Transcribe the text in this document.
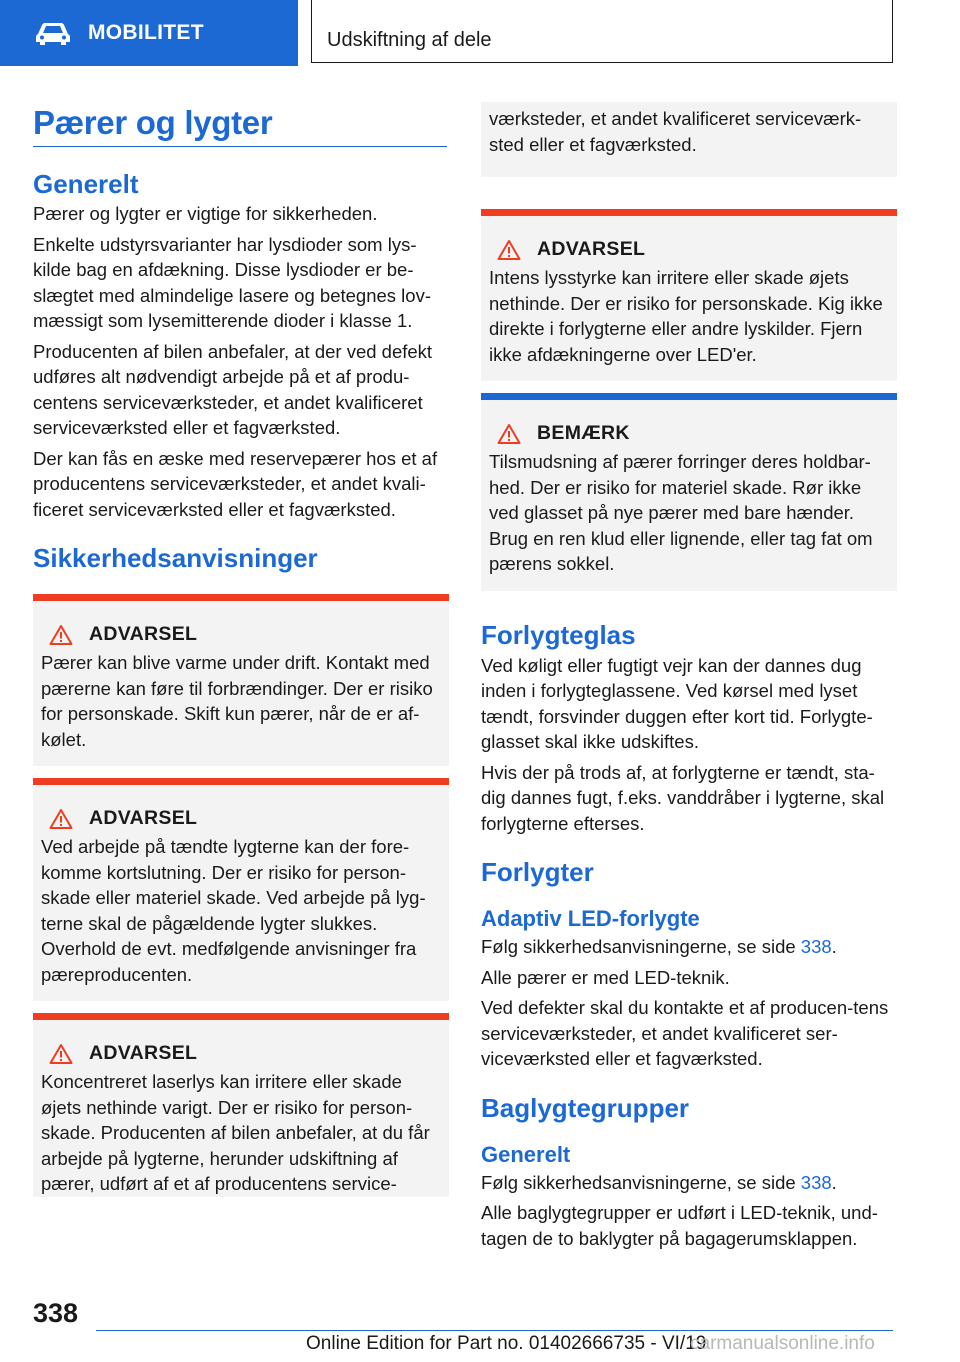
MOBILITET	Udskiftning af dele
Pærer og lygter
Generelt

Pærer og lygter er vigtige for sikkerheden.

Enkelte udstyrsvarianter har lysdioder som lys-kilde bag en afdækning. Disse lysdioder er be-slægtet med almindelige lasere og betegnes lov-mæssigt som lysemitterende dioder i klasse 1.

Producenten af bilen anbefaler, at der ved defekt udføres alt nødvendigt arbejde på et af produ-centens serviceværksteder, et andet kvalificeret serviceværksted eller et fagværksted.

Der kan fås en æske med reservepærer hos et af producentens serviceværksteder, et andet kvali-ficeret serviceværksted eller et fagværksted.

Sikkerhedsanvisninger
ADVARSEL

Pærer kan blive varme under drift. Kontakt med pærerne kan føre til forbrændinger. Der er risiko for personskade. Skift kun pærer, når de er af-kølet.

ADVARSEL

Ved arbejde på tændte lygterne kan der fore-komme kortslutning. Der er risiko for person-skade eller materiel skade. Ved arbejde på lyg-terne skal de pågældende lygter slukkes. Overhold de evt. medfølgende anvisninger fra pæreproducenten.

ADVARSEL

Koncentreret laserlys kan irritere eller skade øjets nethinde varigt. Der er risiko for person-skade. Producenten af bilen anbefaler, at du får arbejde på lygterne, herunder udskiftning af pærer, udført af et af producentens service-

værksteder, et andet kvalificeret serviceværk-sted eller et fagværksted.

ADVARSEL

Intens lysstyrke kan irritere eller skade øjets nethinde. Der er risiko for personskade. Kig ikke direkte i forlygterne eller andre lyskilder. Fjern ikke afdækningerne over LED'er.

BEMÆRK

Tilsmudsning af pærer forringer deres holdbar-hed. Der er risiko for materiel skade. Rør ikke ved glasset på nye pærer med bare hænder. Brug en ren klud eller lignende, eller tag fat om pærens sokkel.

Forlygteglas

Ved køligt eller fugtigt vejr kan der dannes dug inden i forlygteglassene. Ved kørsel med lyset tændt, forsvinder duggen efter kort tid. Forlygte-glasset skal ikke udskiftes.

Hvis der på trods af, at forlygterne er tændt, sta-dig dannes fugt, f.eks. vanddråber i lygterne, skal forlygterne efterses.

Forlygter
Adaptiv LED-forlygte

Følg sikkerhedsanvisningerne, se side 338.

Alle pærer er med LED-teknik.

Ved defekter skal du kontakte et af producen-tens serviceværksteder, et andet kvalificeret ser-viceværksted eller et fagværksted.

Baglygtegrupper
Generelt

Følg sikkerhedsanvisningerne, se side 338.

Alle baglygtegrupper er udført i LED-teknik, und-tagen de to baklygter på bagagerumsklappen.

338
Online Edition for Part no. 01402666735 - VI/19
carmanualsonline.info
